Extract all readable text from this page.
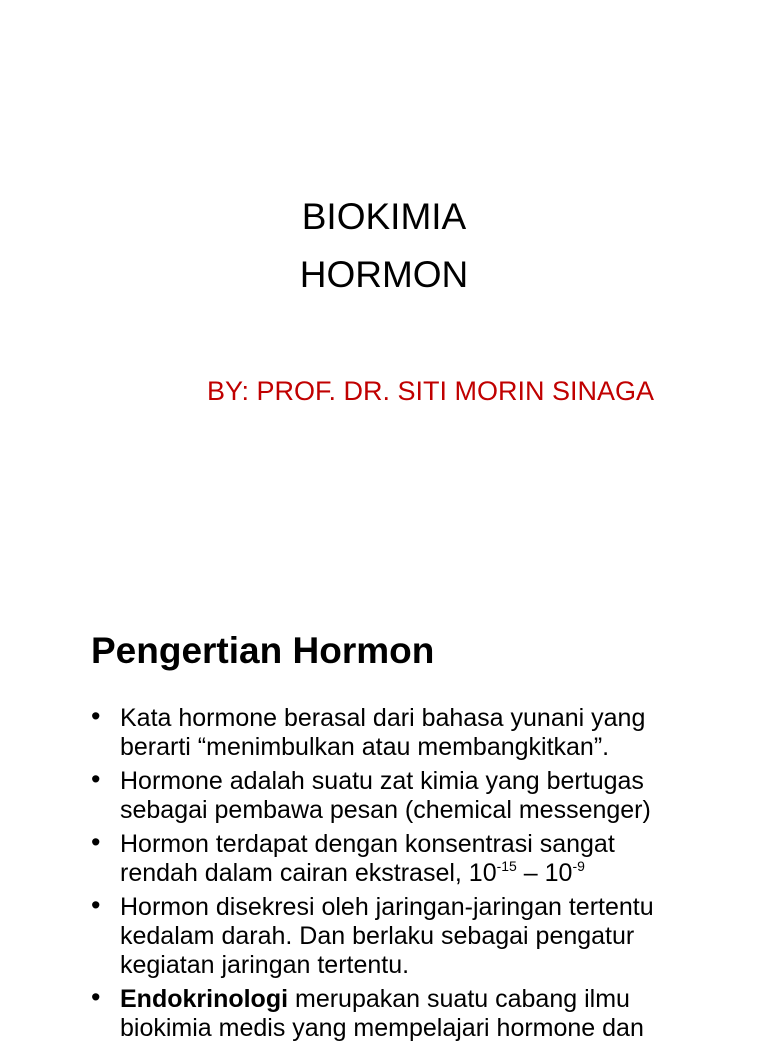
BIOKIMIA
HORMON
BY: PROF. DR. SITI MORIN SINAGA
Pengertian Hormon
• Kata hormone berasal dari bahasa yunani yang
berarti “menimbulkan atau membangkitkan”.
• Hormone adalah suatu zat kimia yang bertugas
sebagai pembawa pesan (chemical messenger)
• Hormon terdapat dengan konsentrasi sangat
rendah dalam cairan ekstrasel, $10^{-15} - 10^{-9}$
• Hormon disekresi oleh jaringan-jaringan tertentu
kedalam darah. Dan berlaku sebagai pengatur
kegiatan jaringan tertentu.
• Endokrinologi merupakan suatu cabang ilmu
biokimia medis yang mempelajari hormone dan
